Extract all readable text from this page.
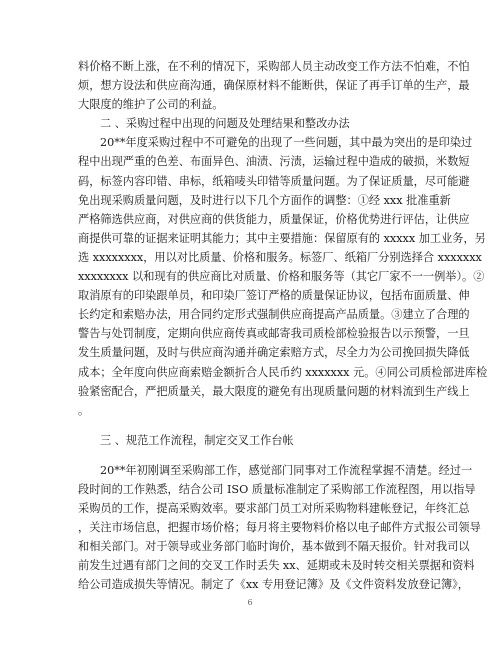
料价格不断上涨，在不利的情况下，采购部人员主动改变工作方法不怕难，不怕
烦，想方设法和供应商沟通，确保原材料不能断供，保证了再手订单的生产，最
大限度的维护了公司的利益。
二 、采购过程中出现的问题及处理结果和整改办法
20**年度采购过程中不可避免的出现了一些问题，其中最为突出的是印染过
程中出现严重的色差、布面异色、油渍、污渍，运输过程中造成的破损，米数短
码，标签内容印错、串标，纸箱唛头印错等质量问题。为了保证质量，尽可能避
免出现采购质量问题，及时进行以下几个方面作的调整：①经 xxx 批准重新
严格筛选供应商，对供应商的供货能力，质量保证，价格优势进行评估，让供应
商提供可靠的证据来证明其能力；其中主要措施：保留原有的 xxxxx 加工业务，另
选 xxxxxxxx，用以对比质量、价格和服务。标签厂、纸箱厂分别选择合 xxxxxxx
xxxxxxxx 以和现有的供应商比对质量、价格和服务等（其它厂家不一一例举）。②
取消原有的印染跟单员，和印染厂签订严格的质量保证协议，包括布面质量、伸
长约定和索赔办法，用合同约定形式强制供应商提高产品质量。③建立了合理的
警告与处罚制度，定期向供应商传真或邮寄我司质检部检验报告以示预警，一旦
发生质量问题，及时与供应商沟通并确定索赔方式，尽全力为公司挽回损失降低
成本；全年度向供应商索赔金额折合人民币约 xxxxxxx 元。④同公司质检部进库检
验紧密配合，严把质量关，最大限度的避免有出现质量问题的材料流到生产线上
。
三 、规范工作流程，制定交叉工作台帐
20**年初刚调至采购部工作，感觉部门同事对工作流程掌握不清楚。经过一
段时间的工作熟悉，结合公司 ISO 质量标准制定了采购部工作流程图，用以指导
采购员的工作，提高采购效率。要求部门员工对所采购物料建帐登记，年终汇总
，关注市场信息，把握市场价格；每月将主要物料价格以电子邮件方式报公司领导
和相关部门。对于领导或业务部门临时询价，基本做到不隔天报价。针对我司以
前发生过遇有部门之间的交叉工作时丢失 xx、延期或未及时转交相关票据和资料
给公司造成损失等情况。制定了《xx 专用登记簿》及《文件资料发放登记簿》，
6
